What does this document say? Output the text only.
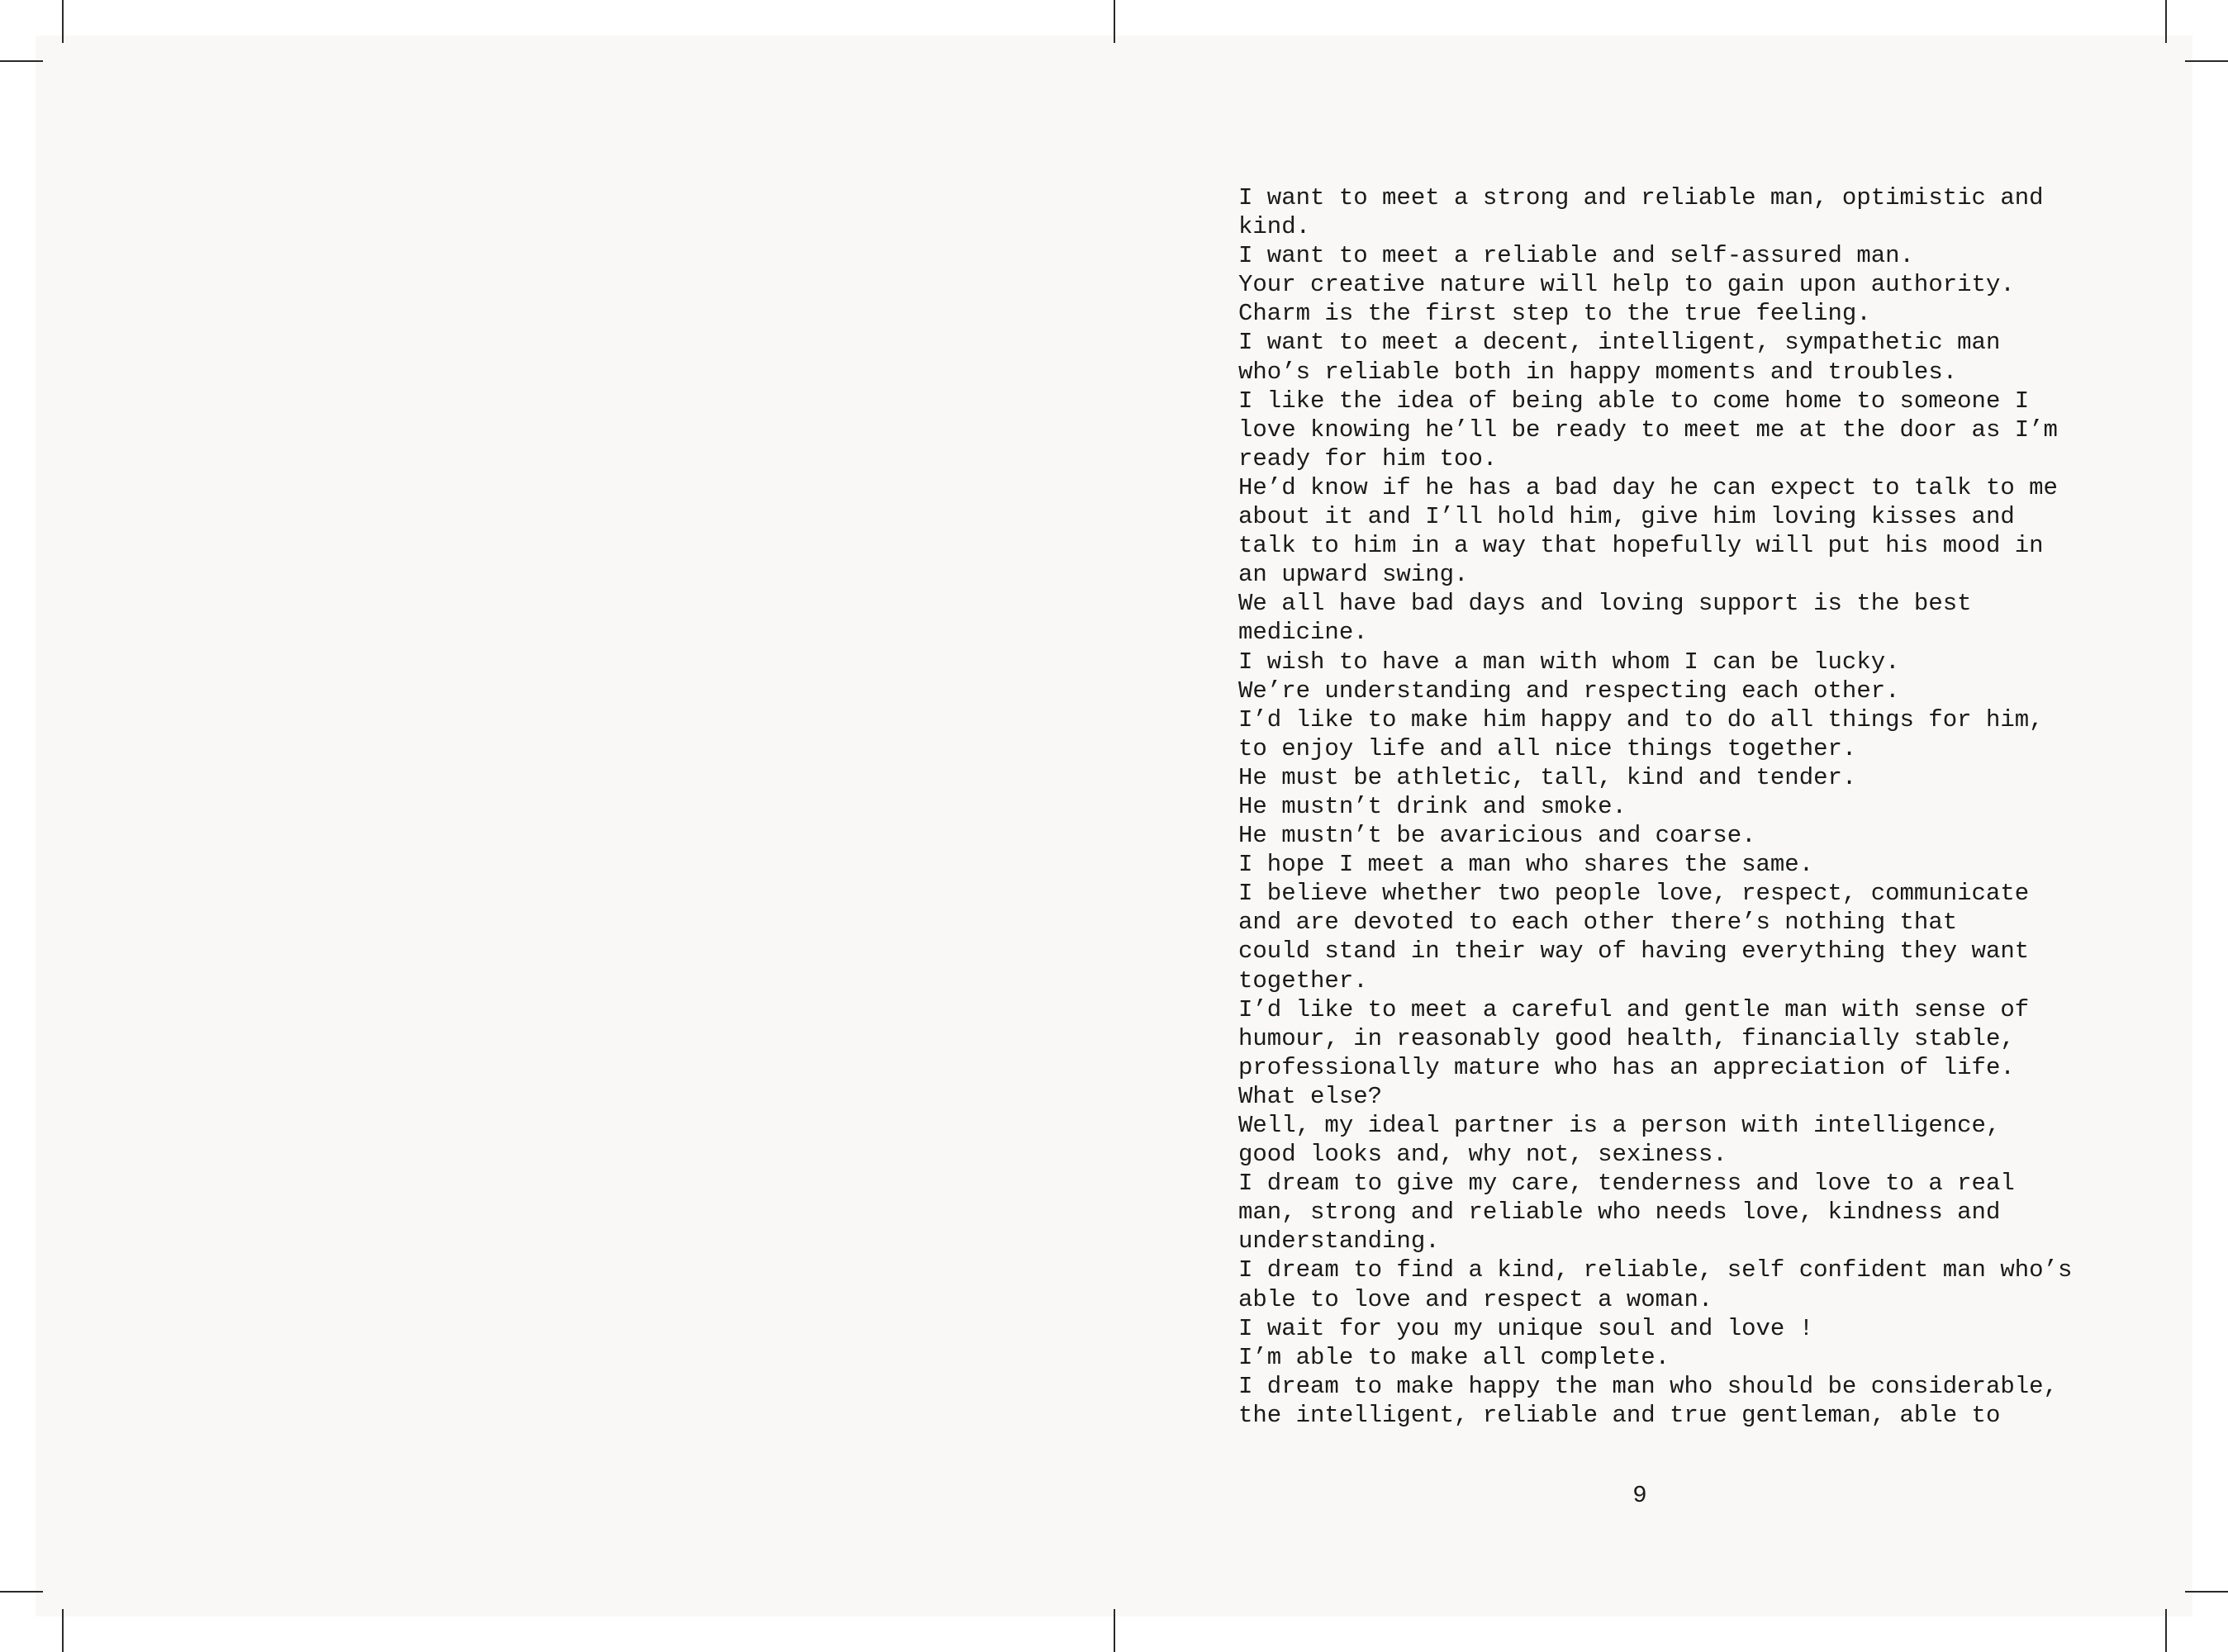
I want to meet a strong and reliable man, optimistic and
kind.
I want to meet a reliable and self-assured man.
Your creative nature will help to gain upon authority.
Charm is the first step to the true feeling.
I want to meet a decent, intelligent, sympathetic man
who’s reliable both in happy moments and troubles.
I like the idea of being able to come home to someone I
love knowing he’ll be ready to meet me at the door as I’m
ready for him too.
He’d know if he has a bad day he can expect to talk to me
about it and I’ll hold him, give him loving kisses and
talk to him in a way that hopefully will put his mood in
an upward swing.
We all have bad days and loving support is the best
medicine.
I wish to have a man with whom I can be lucky.
We’re understanding and respecting each other.
I’d like to make him happy and to do all things for him,
to enjoy life and all nice things together.
He must be athletic, tall, kind and tender.
He mustn’t drink and smoke.
He mustn’t be avaricious and coarse.
I hope I meet a man who shares the same.
I believe whether two people love, respect, communicate
and are devoted to each other there’s nothing that
could stand in their way of having everything they want
together.
I’d like to meet a careful and gentle man with sense of
humour, in reasonably good health, financially stable,
professionally mature who has an appreciation of life.
What else?
Well, my ideal partner is a person with intelligence,
good looks and, why not, sexiness.
I dream to give my care, tenderness and love to a real
man, strong and reliable who needs love, kindness and
understanding.
I dream to find a kind, reliable, self confident man who’s
able to love and respect a woman.
I wait for you my unique soul and love !
I’m able to make all complete.
I dream to make happy the man who should be considerable,
the intelligent, reliable and true gentleman, able to
9
